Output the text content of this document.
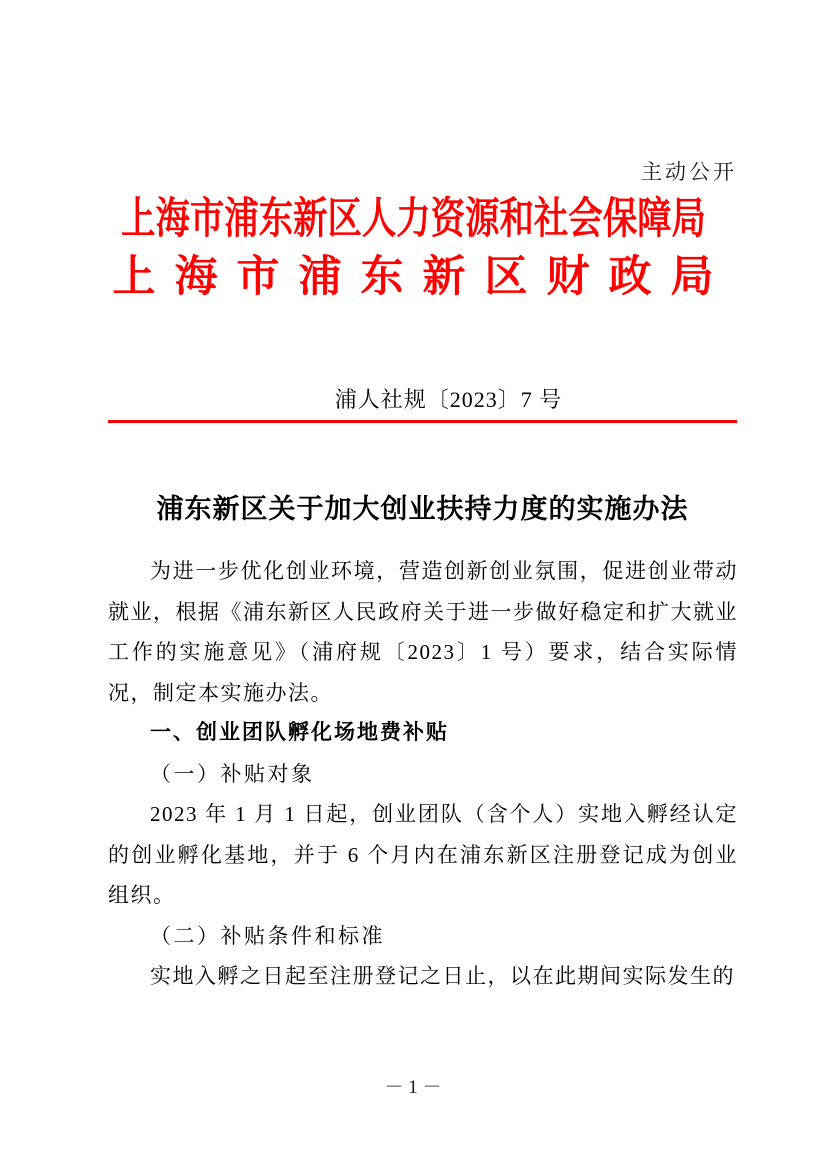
主动公开
上海市浦东新区人力资源和社会保障局
上海市浦东新区财政局
浦人社规〔2023〕7 号
浦东新区关于加大创业扶持力度的实施办法

为进一步优化创业环境，营造创新创业氛围，促进创业带动就业，根据《浦东新区人民政府关于进一步做好稳定和扩大就业工作的实施意见》（浦府规〔2023〕1 号）要求，结合实际情况，制定本实施办法。

一、创业团队孵化场地费补贴

（一）补贴对象

2023 年 1 月 1 日起，创业团队（含个人）实地入孵经认定的创业孵化基地，并于 6 个月内在浦东新区注册登记成为创业组织。

（二）补贴条件和标准

实地入孵之日起至注册登记之日止，以在此期间实际发生的

－ 1 －
